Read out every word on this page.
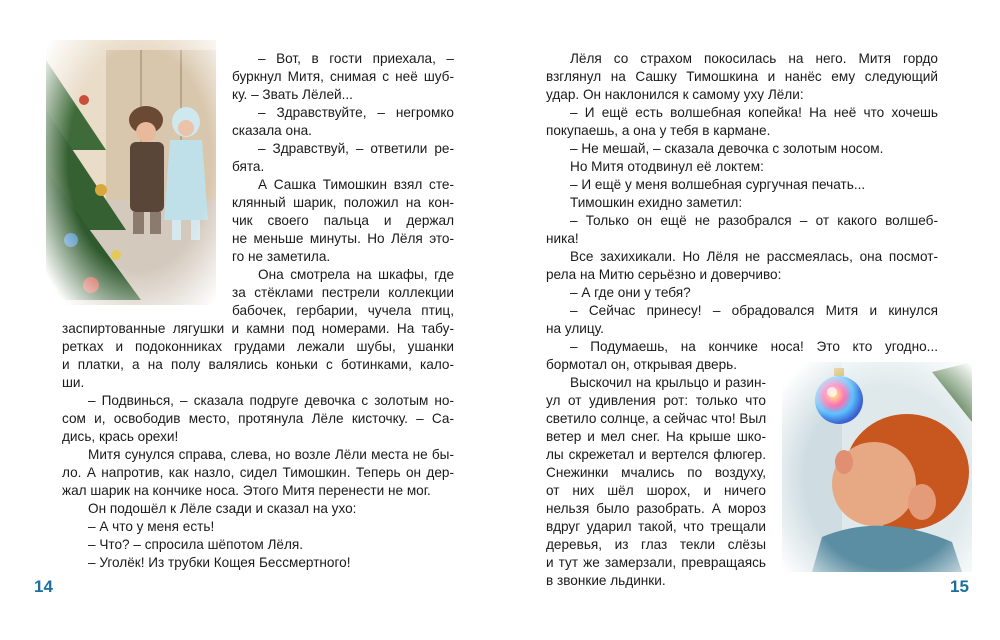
– Вот, в гости приехала, –
буркнул Митя, снимая с неё шуб-
ку. – Звать Лёлей...
– Здравствуйте, – негромко
сказала она.
– Здравствуй, – ответили ре-
бята.
А Сашка Тимошкин взял сте-
клянный шарик, положил на кон-
чик своего пальца и держал
не меньше минуты. Но Лёля это-
го не заметила.
Она смотрела на шкафы, где
за стёклами пестрели коллекции
бабочек, гербарии, чучела птиц,
заспиртованные лягушки и камни под номерами. На табу-
ретках и подоконниках грудами лежали шубы, ушанки
и платки, а на полу валялись коньки с ботинками, кало-
ши.
– Подвинься, – сказала подруге девочка с золотым но-
сом и, освободив место, протянула Лёле кисточку. – Са-
дись, крась орехи!
Митя сунулся справа, слева, но возле Лёли места не бы-
ло. А напротив, как назло, сидел Тимошкин. Теперь он дер-
жал шарик на кончике носа. Этого Митя перенести не мог.
Он подошёл к Лёле сзади и сказал на ухо:
– А что у меня есть!
– Что? – спросила шёпотом Лёля.
– Уголёк! Из трубки Кощея Бессмертного!
14
Лёля со страхом покосилась на него. Митя гордо
взглянул на Сашку Тимошкина и нанёс ему следующий
удар. Он наклонился к самому уху Лёли:
– И ещё есть волшебная копейка! На неё что хочешь
покупаешь, а она у тебя в кармане.
– Не мешай, – сказала девочка с золотым носом.
Но Митя отодвинул её локтем:
– И ещё у меня волшебная сургучная печать...
Тимошкин ехидно заметил:
– Только он ещё не разобрался – от какого волшеб-
ника!
Все захихикали. Но Лёля не рассмеялась, она посмот-
рела на Митю серьёзно и доверчиво:
– А где они у тебя?
– Сейчас принесу! – обрадовался Митя и кинулся
на улицу.
– Подумаешь, на кончике носа! Это кто угодно...
бормотал он, открывая дверь.
Выскочил на крыльцо и разин-
ул от удивления рот: только что
светило солнце, а сейчас что! Выл
ветер и мел снег. На крыше шко-
лы скрежетал и вертелся флюгер.
Снежинки мчались по воздуху,
от них шёл шорох, и ничего
нельзя было разобрать. А мороз
вдруг ударил такой, что трещали
деревья, из глаз текли слёзы
и тут же замерзали, превращаясь
в звонкие льдинки.	15
